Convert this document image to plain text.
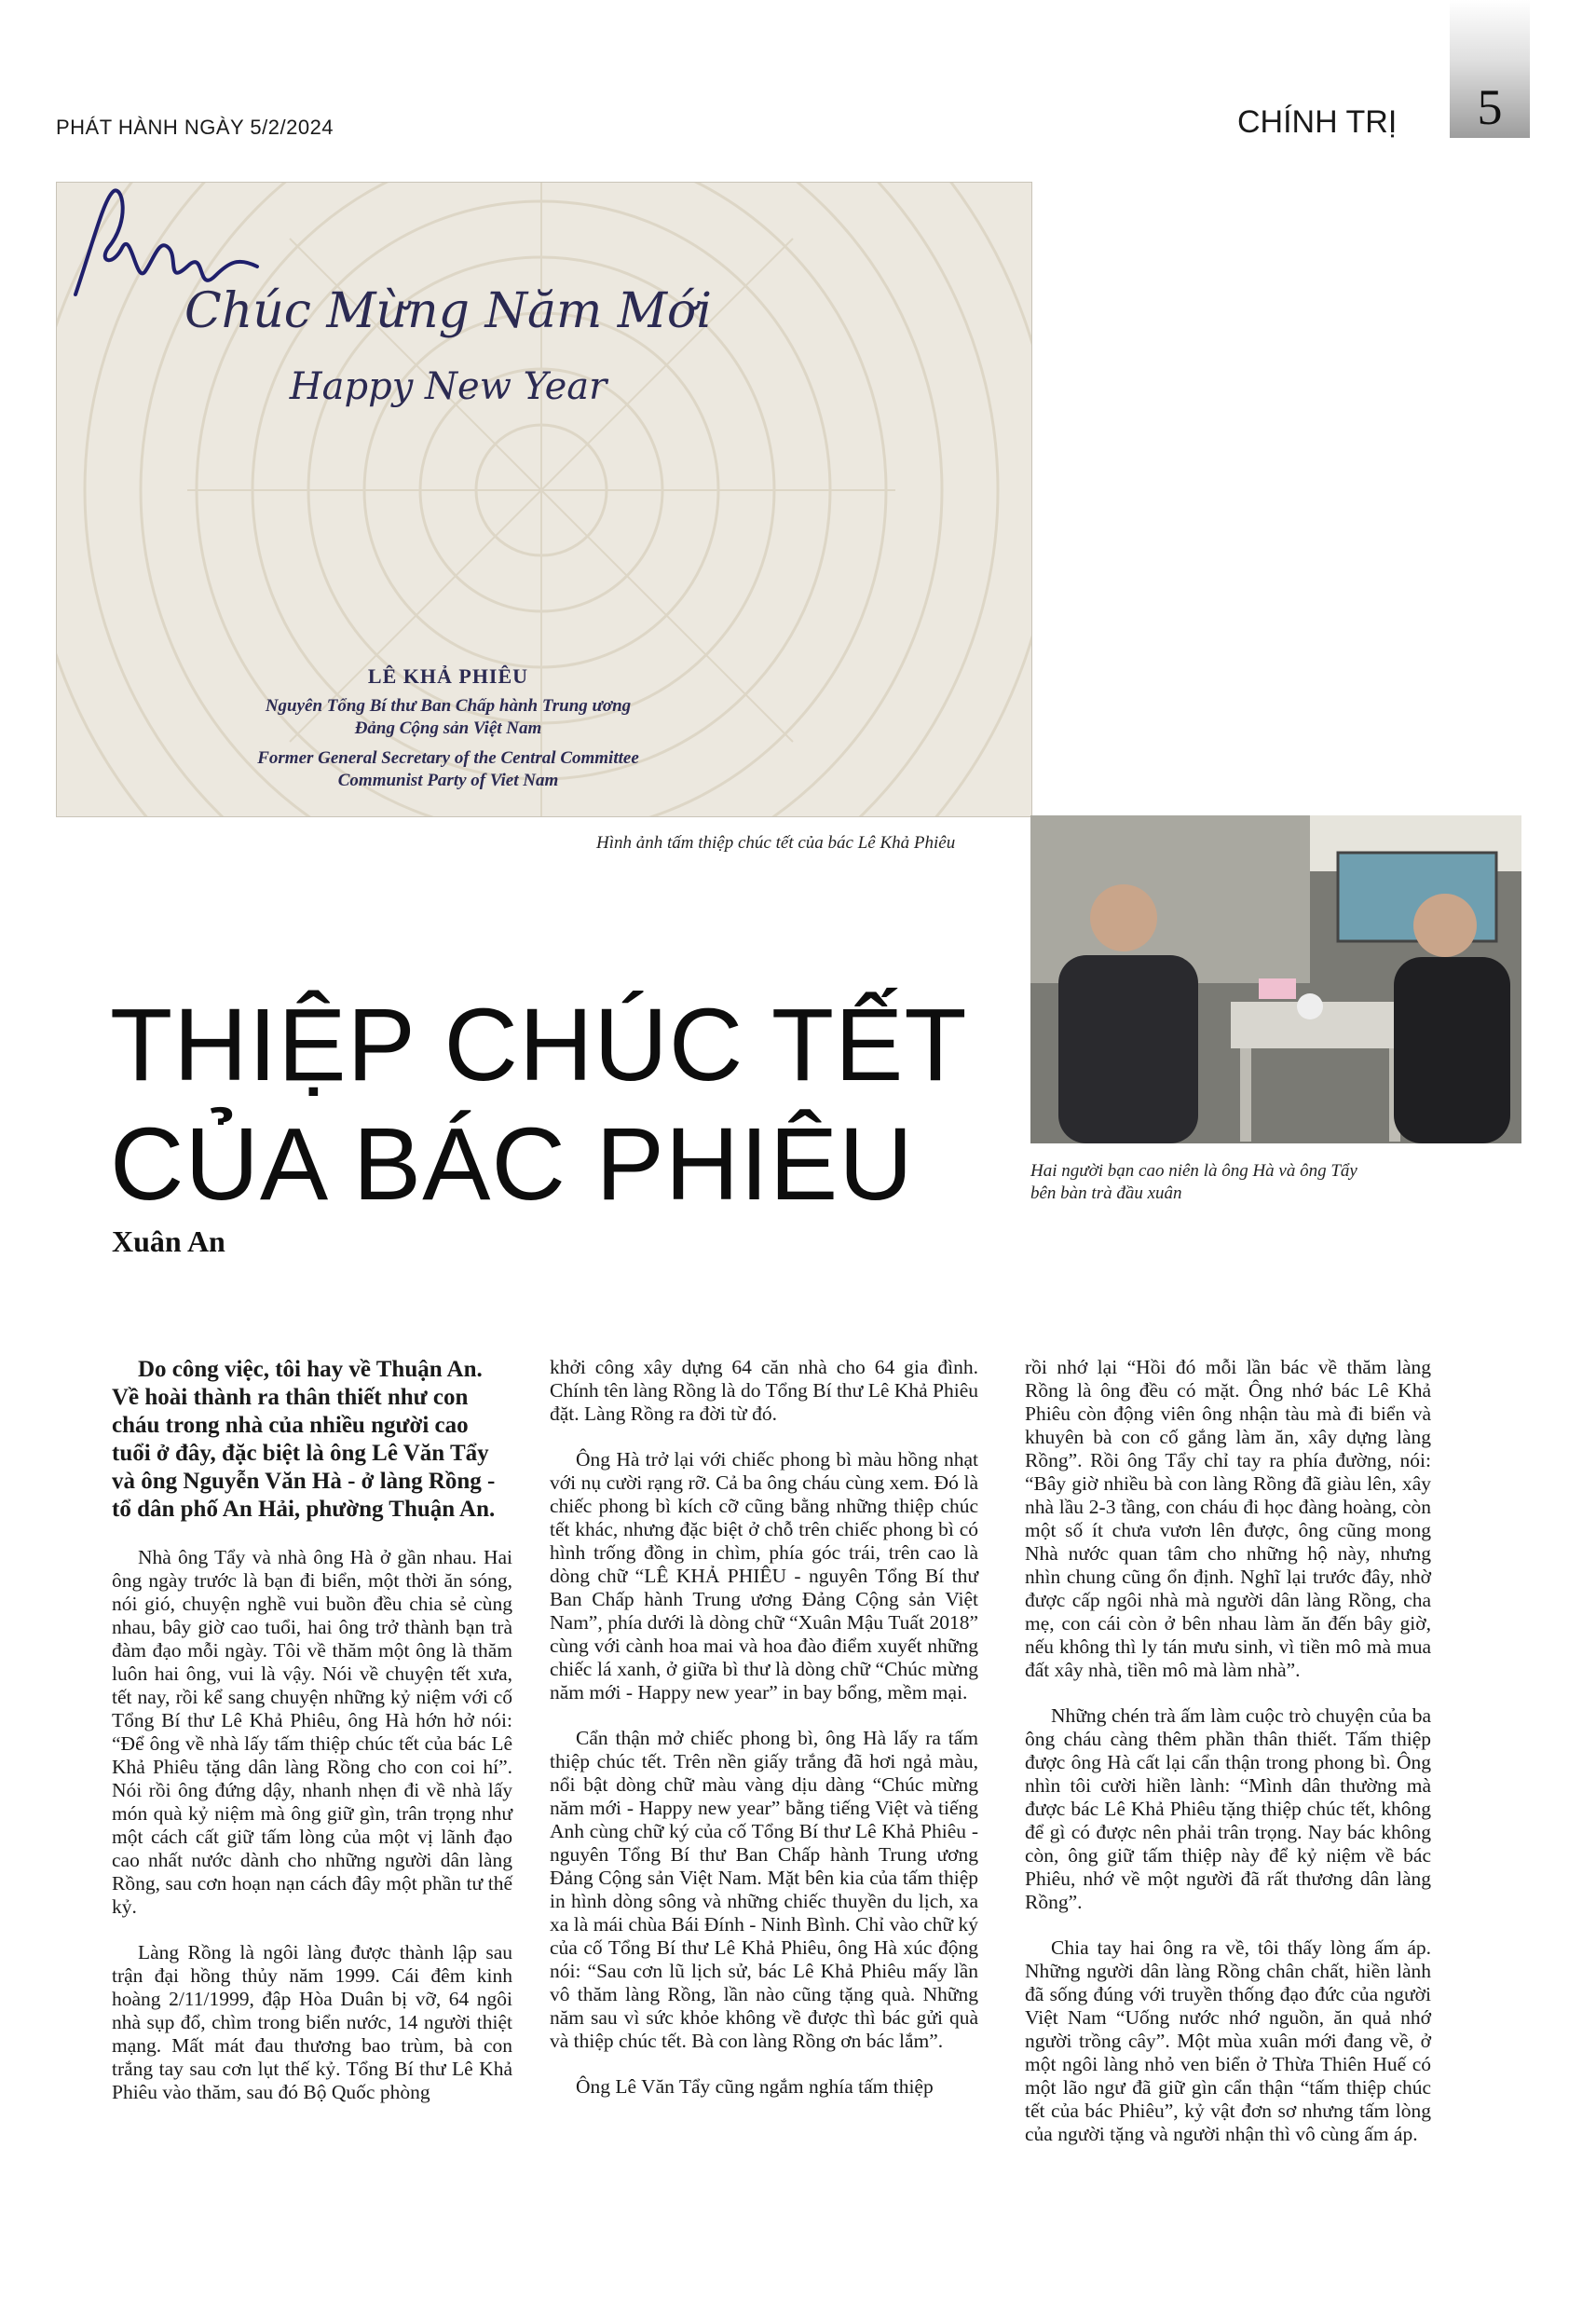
PHÁT HÀNH NGÀY 5/2/2024	CHÍNH TRỊ	5
Chúc Mừng Năm Mới
Happy New Year
LÊ KHẢ PHIÊU
Nguyên Tổng Bí thư Ban Chấp hành Trung ương
Đảng Cộng sản Việt Nam
Former General Secretary of the Central Committee
Communist Party of Viet Nam
Hình ảnh tấm thiệp chúc tết của bác Lê Khả Phiêu
Hai người bạn cao niên là ông Hà và ông Tẩy
bên bàn trà đầu xuân
THIỆP CHÚC TẾT
CỦA BÁC PHIÊU
Xuân An

Do công việc, tôi hay về Thuận An. Về hoài thành ra thân thiết như con cháu trong nhà của nhiều người cao tuổi ở đây, đặc biệt là ông Lê Văn Tẩy và ông Nguyễn Văn Hà - ở làng Rồng - tổ dân phố An Hải, phường Thuận An.

Nhà ông Tẩy và nhà ông Hà ở gần nhau. Hai ông ngày trước là bạn đi biển, một thời ăn sóng, nói gió, chuyện nghề vui buồn đều chia sẻ cùng nhau, bây giờ cao tuổi, hai ông trở thành bạn trà đàm đạo mỗi ngày. Tôi về thăm một ông là thăm luôn hai ông, vui là vậy. Nói về chuyện tết xưa, tết nay, rồi kể sang chuyện những kỷ niệm với cố Tổng Bí thư Lê Khả Phiêu, ông Hà hớn hở nói: “Để ông về nhà lấy tấm thiệp chúc tết của bác Lê Khả Phiêu tặng dân làng Rồng cho con coi hí”. Nói rồi ông đứng dậy, nhanh nhẹn đi về nhà lấy món quà kỷ niệm mà ông giữ gìn, trân trọng như một cách cất giữ tấm lòng của một vị lãnh đạo cao nhất nước dành cho những người dân làng Rồng, sau cơn hoạn nạn cách đây một phần tư thế kỷ.

Làng Rồng là ngôi làng được thành lập sau trận đại hồng thủy năm 1999. Cái đêm kinh hoàng 2/11/1999, đập Hòa Duân bị vỡ, 64 ngôi nhà sụp đổ, chìm trong biển nước, 14 người thiệt mạng. Mất mát đau thương bao trùm, bà con trắng tay sau cơn lụt thế kỷ. Tổng Bí thư Lê Khả Phiêu vào thăm, sau đó Bộ Quốc phòng

khởi công xây dựng 64 căn nhà cho 64 gia đình. Chính tên làng Rồng là do Tổng Bí thư Lê Khả Phiêu đặt. Làng Rồng ra đời từ đó.

Ông Hà trở lại với chiếc phong bì màu hồng nhạt với nụ cười rạng rỡ. Cả ba ông cháu cùng xem. Đó là chiếc phong bì kích cỡ cũng bằng những thiệp chúc tết khác, nhưng đặc biệt ở chỗ trên chiếc phong bì có hình trống đồng in chìm, phía góc trái, trên cao là dòng chữ “LÊ KHẢ PHIÊU - nguyên Tổng Bí thư Ban Chấp hành Trung ương Đảng Cộng sản Việt Nam”, phía dưới là dòng chữ “Xuân Mậu Tuất 2018” cùng với cành hoa mai và hoa đào điểm xuyết những chiếc lá xanh, ở giữa bì thư là dòng chữ “Chúc mừng năm mới - Happy new year” in bay bổng, mềm mại.

Cẩn thận mở chiếc phong bì, ông Hà lấy ra tấm thiệp chúc tết. Trên nền giấy trắng đã hơi ngả màu, nổi bật dòng chữ màu vàng dịu dàng “Chúc mừng năm mới - Happy new year” bằng tiếng Việt và tiếng Anh cùng chữ ký của cố Tổng Bí thư Lê Khả Phiêu - nguyên Tổng Bí thư Ban Chấp hành Trung ương Đảng Cộng sản Việt Nam. Mặt bên kia của tấm thiệp in hình dòng sông và những chiếc thuyền du lịch, xa xa là mái chùa Bái Đính - Ninh Bình. Chỉ vào chữ ký của cố Tổng Bí thư Lê Khả Phiêu, ông Hà xúc động nói: “Sau cơn lũ lịch sử, bác Lê Khả Phiêu mấy lần vô thăm làng Rồng, lần nào cũng tặng quà. Những năm sau vì sức khỏe không về được thì bác gửi quà và thiệp chúc tết. Bà con làng Rồng ơn bác lắm”.

Ông Lê Văn Tẩy cũng ngắm nghía tấm thiệp

rồi nhớ lại “Hồi đó mỗi lần bác về thăm làng Rồng là ông đều có mặt. Ông nhớ bác Lê Khả Phiêu còn động viên ông nhận tàu mà đi biển và khuyên bà con cố gắng làm ăn, xây dựng làng Rồng”. Rồi ông Tẩy chỉ tay ra phía đường, nói: “Bây giờ nhiều bà con làng Rồng đã giàu lên, xây nhà lầu 2-3 tầng, con cháu đi học đàng hoàng, còn một số ít chưa vươn lên được, ông cũng mong Nhà nước quan tâm cho những hộ này, nhưng nhìn chung cũng ổn định. Nghĩ lại trước đây, nhờ được cấp ngôi nhà mà người dân làng Rồng, cha mẹ, con cái còn ở bên nhau làm ăn đến bây giờ, nếu không thì ly tán mưu sinh, vì tiền mô mà mua đất xây nhà, tiền mô mà làm nhà”.

Những chén trà ấm làm cuộc trò chuyện của ba ông cháu càng thêm phần thân thiết. Tấm thiệp được ông Hà cất lại cẩn thận trong phong bì. Ông nhìn tôi cười hiền lành: “Mình dân thường mà được bác Lê Khả Phiêu tặng thiệp chúc tết, không để gì có được nên phải trân trọng. Nay bác không còn, ông giữ tấm thiệp này để kỷ niệm về bác Phiêu, nhớ về một người đã rất thương dân làng Rồng”.

Chia tay hai ông ra về, tôi thấy lòng ấm áp. Những người dân làng Rồng chân chất, hiền lành đã sống đúng với truyền thống đạo đức của người Việt Nam “Uống nước nhớ nguồn, ăn quả nhớ người trồng cây”. Một mùa xuân mới đang về, ở một ngôi làng nhỏ ven biển ở Thừa Thiên Huế có một lão ngư đã giữ gìn cẩn thận “tấm thiệp chúc tết của bác Phiêu”, kỷ vật đơn sơ nhưng tấm lòng của người tặng và người nhận thì vô cùng ấm áp.
